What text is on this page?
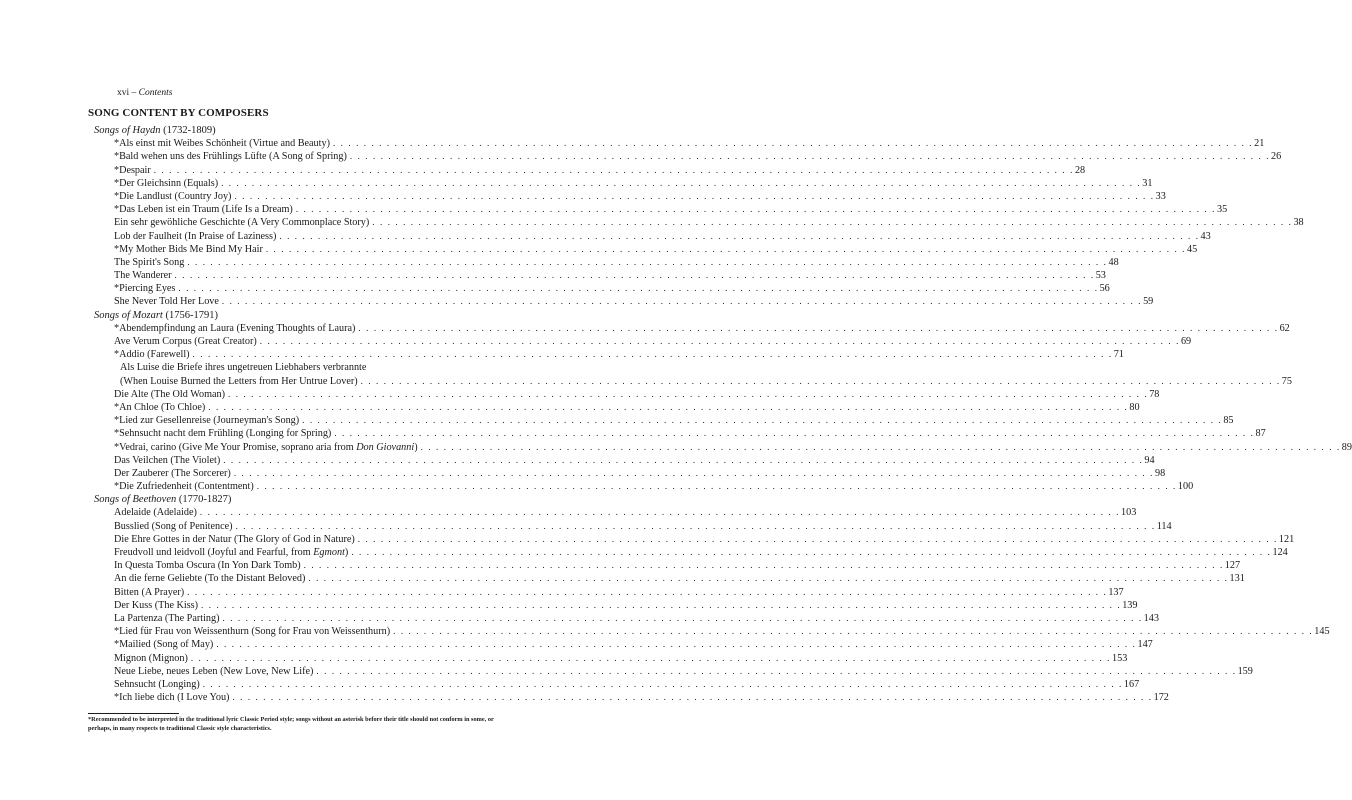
xvi – Contents
SONG CONTENT BY COMPOSERS
Songs of Haydn (1732-1809)
* Als einst mit Weibes Schönheit (Virtue and Beauty) . . . . . . . . . . . . . . . . . . . . . . . . . . . . . . . . . . . . . . . . . . . . . . . . . . . . . . . . . . . . . . . . . . . . . . . . . . . . . . . . . . . . . . . . . . . . . . . . . . . . . . . . . . . . . . . . . . . . . . . . 21
* Bald wehen uns des Frühlings Lüfte (A Song of Spring) . . . . . . . . . . . . . . . . . . . . . . . . . . . . . . . . . . . . . . . . . . . . . . . . . . . . . . . . . . . . . . . . . . . . . . . . . . . . . . . . . . . . . . . . . . . . . . . . . . . . . . . . . . . . . . . . . . . . . . . . 26
* Despair . . . . . . . . . . . . . . . . . . . . . . . . . . . . . . . . . . . . . . . . . . . . . . . . . . . . . . . . . . . . . . . . . . . . . . . . . . . . . . . . . . . . . . . . . . . . . . . . . . . . . . . . . . . . . . . . . . . . . . . . 28
* Der Gleichsinn (Equals) . . . . . . . . . . . . . . . . . . . . . . . . . . . . . . . . . . . . . . . . . . . . . . . . . . . . . . . . . . . . . . . . . . . . . . . . . . . . . . . . . . . . . . . . . . . . . . . . . . . . . . . . . . . . . . . . . . . . . . . . 31
* Die Landlust (Country Joy) . . . . . . . . . . . . . . . . . . . . . . . . . . . . . . . . . . . . . . . . . . . . . . . . . . . . . . . . . . . . . . . . . . . . . . . . . . . . . . . . . . . . . . . . . . . . . . . . . . . . . . . . . . . . . . . . . . . . . . . . 33
* Das Leben ist ein Traum (Life Is a Dream) . . . . . . . . . . . . . . . . . . . . . . . . . . . . . . . . . . . . . . . . . . . . . . . . . . . . . . . . . . . . . . . . . . . . . . . . . . . . . . . . . . . . . . . . . . . . . . . . . . . . . . . . . . . . . . . . . . . . . . . . 35
Ein sehr gewöhliche Geschichte (A Very Commonplace Story) . . . . . . . . . . . . . . . . . . . . . . . . . . . . . . . . . . . . . . . . . . . . . . . . . . . . . . . . . . . . . . . . . . . . . . . . . . . . . . . . . . . . . . . . . . . . . . . . . . . . . . . . . . . . . . . . . . . . . . . . 38
Lob der Faulheit (In Praise of Laziness) . . . . . . . . . . . . . . . . . . . . . . . . . . . . . . . . . . . . . . . . . . . . . . . . . . . . . . . . . . . . . . . . . . . . . . . . . . . . . . . . . . . . . . . . . . . . . . . . . . . . . . . . . . . . . . . . . . . . . . . . 43
* My Mother Bids Me Bind My Hair . . . . . . . . . . . . . . . . . . . . . . . . . . . . . . . . . . . . . . . . . . . . . . . . . . . . . . . . . . . . . . . . . . . . . . . . . . . . . . . . . . . . . . . . . . . . . . . . . . . . . . . . . . . . . . . . . . . . . . . . 45
The Spirit's Song . . . . . . . . . . . . . . . . . . . . . . . . . . . . . . . . . . . . . . . . . . . . . . . . . . . . . . . . . . . . . . . . . . . . . . . . . . . . . . . . . . . . . . . . . . . . . . . . . . . . . . . . . . . . . . . . . . . . . . . . 48
The Wanderer . . . . . . . . . . . . . . . . . . . . . . . . . . . . . . . . . . . . . . . . . . . . . . . . . . . . . . . . . . . . . . . . . . . . . . . . . . . . . . . . . . . . . . . . . . . . . . . . . . . . . . . . . . . . . . . . . . . . . . . . 53
* Piercing Eyes . . . . . . . . . . . . . . . . . . . . . . . . . . . . . . . . . . . . . . . . . . . . . . . . . . . . . . . . . . . . . . . . . . . . . . . . . . . . . . . . . . . . . . . . . . . . . . . . . . . . . . . . . . . . . . . . . . . . . . . . 56
She Never Told Her Love . . . . . . . . . . . . . . . . . . . . . . . . . . . . . . . . . . . . . . . . . . . . . . . . . . . . . . . . . . . . . . . . . . . . . . . . . . . . . . . . . . . . . . . . . . . . . . . . . . . . . . . . . . . . . . . . . . . . . . . . 59
Songs of Mozart (1756-1791)
* Abendempfindung an Laura (Evening Thoughts of Laura) . . . . . . . . . . . . . . . . . . . . . . . . . . . . . . . . . . . . . . . . . . . . . . . . . . . . . . . . . . . . . . . . . . . . . . . . . . . . . . . . . . . . . . . . . . . . . . . . . . . . . . . . . . . . . . . . . . . . . . . . 62
Ave Verum Corpus (Great Creator) . . . . . . . . . . . . . . . . . . . . . . . . . . . . . . . . . . . . . . . . . . . . . . . . . . . . . . . . . . . . . . . . . . . . . . . . . . . . . . . . . . . . . . . . . . . . . . . . . . . . . . . . . . . . . . . . . . . . . . . . 69
* Addio (Farewell) . . . . . . . . . . . . . . . . . . . . . . . . . . . . . . . . . . . . . . . . . . . . . . . . . . . . . . . . . . . . . . . . . . . . . . . . . . . . . . . . . . . . . . . . . . . . . . . . . . . . . . . . . . . . . . . . . . . . . . . . 71
Als Luise die Briefe ihres ungetreuen Liebhabers verbrannte
(When Louise Burned the Letters from Her Untrue Lover) . . . . . . . . . . . . . . . . . . . . . . . . . . . . . . . . . . . . . . . . . . . . . . . . . . . . . . . . . . . . . . . . . . . . . . . . . . . . . . . . . . . . . . . . . . . . . . . . . . . . . . . . . . . . . . . . . . . . . . . . 75
Die Alte (The Old Woman) . . . . . . . . . . . . . . . . . . . . . . . . . . . . . . . . . . . . . . . . . . . . . . . . . . . . . . . . . . . . . . . . . . . . . . . . . . . . . . . . . . . . . . . . . . . . . . . . . . . . . . . . . . . . . . . . . . . . . . . . 78
* An Chloe (To Chloe) . . . . . . . . . . . . . . . . . . . . . . . . . . . . . . . . . . . . . . . . . . . . . . . . . . . . . . . . . . . . . . . . . . . . . . . . . . . . . . . . . . . . . . . . . . . . . . . . . . . . . . . . . . . . . . . . . . . . . . . . 80
* Lied zur Gesellenreise (Journeyman's Song) . . . . . . . . . . . . . . . . . . . . . . . . . . . . . . . . . . . . . . . . . . . . . . . . . . . . . . . . . . . . . . . . . . . . . . . . . . . . . . . . . . . . . . . . . . . . . . . . . . . . . . . . . . . . . . . . . . . . . . . . 85
* Sehnsucht nacht dem Frühling (Longing for Spring) . . . . . . . . . . . . . . . . . . . . . . . . . . . . . . . . . . . . . . . . . . . . . . . . . . . . . . . . . . . . . . . . . . . . . . . . . . . . . . . . . . . . . . . . . . . . . . . . . . . . . . . . . . . . . . . . . . . . . . . . 87
* Vedrai, carino (Give Me Your Promise, soprano aria from Don Giovanni) . . . . . . . . . . . . . . . . . . . . . . . . . . . . . . . . . . . . . . . . . . . . . . . . . . . . . . . . . . . . . . . . . . . . . . . . . . . . . . . . . . . . . . . . . . . . . . . . . . . . . . . . . . . . . . . . . . . . . . . . 89
Das Veilchen (The Violet) . . . . . . . . . . . . . . . . . . . . . . . . . . . . . . . . . . . . . . . . . . . . . . . . . . . . . . . . . . . . . . . . . . . . . . . . . . . . . . . . . . . . . . . . . . . . . . . . . . . . . . . . . . . . . . . . . . . . . . . . 94
Der Zauberer (The Sorcerer) . . . . . . . . . . . . . . . . . . . . . . . . . . . . . . . . . . . . . . . . . . . . . . . . . . . . . . . . . . . . . . . . . . . . . . . . . . . . . . . . . . . . . . . . . . . . . . . . . . . . . . . . . . . . . . . . . . . . . . . . 98
* Die Zufriedenheit (Contentment) . . . . . . . . . . . . . . . . . . . . . . . . . . . . . . . . . . . . . . . . . . . . . . . . . . . . . . . . . . . . . . . . . . . . . . . . . . . . . . . . . . . . . . . . . . . . . . . . . . . . . . . . . . . . . . . . . . . . . . . . 100
Songs of Beethoven (1770-1827)
Adelaide (Adelaide) . . . . . . . . . . . . . . . . . . . . . . . . . . . . . . . . . . . . . . . . . . . . . . . . . . . . . . . . . . . . . . . . . . . . . . . . . . . . . . . . . . . . . . . . . . . . . . . . . . . . . . . . . . . . . . . . . . . . . . . . 103
Busslied (Song of Penitence) . . . . . . . . . . . . . . . . . . . . . . . . . . . . . . . . . . . . . . . . . . . . . . . . . . . . . . . . . . . . . . . . . . . . . . . . . . . . . . . . . . . . . . . . . . . . . . . . . . . . . . . . . . . . . . . . . . . . . . . . 114
Die Ehre Gottes in der Natur (The Glory of God in Nature) . . . . . . . . . . . . . . . . . . . . . . . . . . . . . . . . . . . . . . . . . . . . . . . . . . . . . . . . . . . . . . . . . . . . . . . . . . . . . . . . . . . . . . . . . . . . . . . . . . . . . . . . . . . . . . . . . . . . . . . . 121
Freudvoll und leidvoll (Joyful and Fearful, from Egmont) . . . . . . . . . . . . . . . . . . . . . . . . . . . . . . . . . . . . . . . . . . . . . . . . . . . . . . . . . . . . . . . . . . . . . . . . . . . . . . . . . . . . . . . . . . . . . . . . . . . . . . . . . . . . . . . . . . . . . . . . 124
In Questa Tomba Oscura (In Yon Dark Tomb) . . . . . . . . . . . . . . . . . . . . . . . . . . . . . . . . . . . . . . . . . . . . . . . . . . . . . . . . . . . . . . . . . . . . . . . . . . . . . . . . . . . . . . . . . . . . . . . . . . . . . . . . . . . . . . . . . . . . . . . . 127
An die ferne Geliebte (To the Distant Beloved) . . . . . . . . . . . . . . . . . . . . . . . . . . . . . . . . . . . . . . . . . . . . . . . . . . . . . . . . . . . . . . . . . . . . . . . . . . . . . . . . . . . . . . . . . . . . . . . . . . . . . . . . . . . . . . . . . . . . . . . . 131
Bitten (A Prayer) . . . . . . . . . . . . . . . . . . . . . . . . . . . . . . . . . . . . . . . . . . . . . . . . . . . . . . . . . . . . . . . . . . . . . . . . . . . . . . . . . . . . . . . . . . . . . . . . . . . . . . . . . . . . . . . . . . . . . . . . 137
Der Kuss (The Kiss) . . . . . . . . . . . . . . . . . . . . . . . . . . . . . . . . . . . . . . . . . . . . . . . . . . . . . . . . . . . . . . . . . . . . . . . . . . . . . . . . . . . . . . . . . . . . . . . . . . . . . . . . . . . . . . . . . . . . . . . . 139
La Partenza (The Parting) . . . . . . . . . . . . . . . . . . . . . . . . . . . . . . . . . . . . . . . . . . . . . . . . . . . . . . . . . . . . . . . . . . . . . . . . . . . . . . . . . . . . . . . . . . . . . . . . . . . . . . . . . . . . . . . . . . . . . . . . 143
* Lied für Frau von Weissenthurn (Song for Frau von Weissenthurn) . . . . . . . . . . . . . . . . . . . . . . . . . . . . . . . . . . . . . . . . . . . . . . . . . . . . . . . . . . . . . . . . . . . . . . . . . . . . . . . . . . . . . . . . . . . . . . . . . . . . . . . . . . . . . . . . . . . . . . . . 145
* Mailied (Song of May) . . . . . . . . . . . . . . . . . . . . . . . . . . . . . . . . . . . . . . . . . . . . . . . . . . . . . . . . . . . . . . . . . . . . . . . . . . . . . . . . . . . . . . . . . . . . . . . . . . . . . . . . . . . . . . . . . . . . . . . . 147
Mignon (Mignon) . . . . . . . . . . . . . . . . . . . . . . . . . . . . . . . . . . . . . . . . . . . . . . . . . . . . . . . . . . . . . . . . . . . . . . . . . . . . . . . . . . . . . . . . . . . . . . . . . . . . . . . . . . . . . . . . . . . . . . . . 153
Neue Liebe, neues Leben (New Love, New Life) . . . . . . . . . . . . . . . . . . . . . . . . . . . . . . . . . . . . . . . . . . . . . . . . . . . . . . . . . . . . . . . . . . . . . . . . . . . . . . . . . . . . . . . . . . . . . . . . . . . . . . . . . . . . . . . . . . . . . . . . 159
Sehnsucht (Longing) . . . . . . . . . . . . . . . . . . . . . . . . . . . . . . . . . . . . . . . . . . . . . . . . . . . . . . . . . . . . . . . . . . . . . . . . . . . . . . . . . . . . . . . . . . . . . . . . . . . . . . . . . . . . . . . . . . . . . . . . 167
* Ich liebe dich (I Love You) . . . . . . . . . . . . . . . . . . . . . . . . . . . . . . . . . . . . . . . . . . . . . . . . . . . . . . . . . . . . . . . . . . . . . . . . . . . . . . . . . . . . . . . . . . . . . . . . . . . . . . . . . . . . . . . . . . . . . . . . 172
*Recommended to be interpreted in the traditional lyric Classic Period style; songs without an asterisk before their title should not conform in some, or perhaps, in many respects to traditional Classic style characteristics.
